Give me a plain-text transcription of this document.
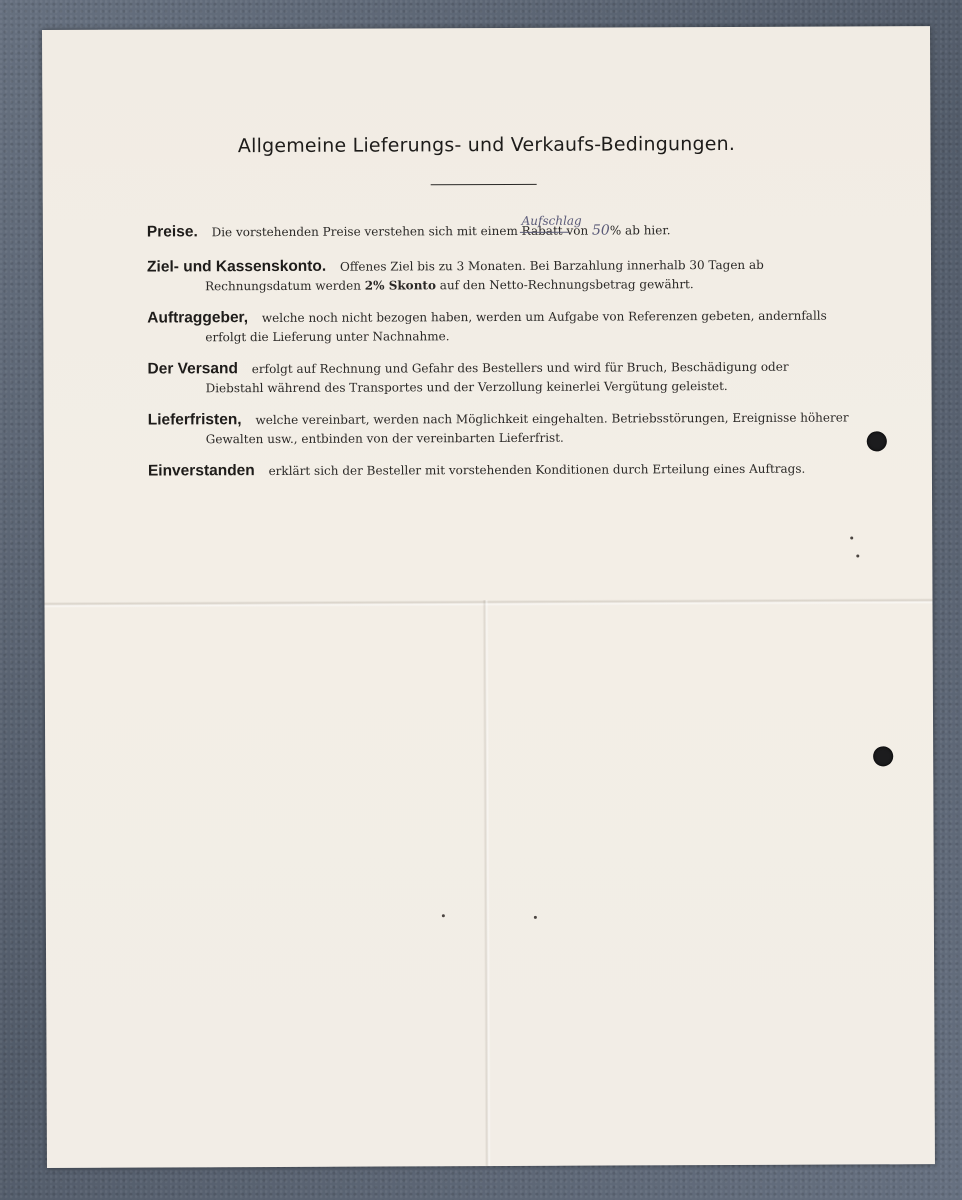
Allgemeine Lieferungs- und Verkaufs-Bedingungen.
Preise. Die vorstehenden Preise verstehen sich mit einem Rabatt
Aufschlag
von 50% ab hier.
Ziel- und Kassenskonto. Offenes Ziel bis zu 3 Monaten. Bei Barzahlung innerhalb 30 Tagen ab
Rechnungsdatum werden 2% Skonto auf den Netto-Rechnungsbetrag gewährt.
Auftraggeber, welche noch nicht bezogen haben, werden um Aufgabe von Referenzen gebeten, andernfalls
erfolgt die Lieferung unter Nachnahme.
Der Versand erfolgt auf Rechnung und Gefahr des Bestellers und wird für Bruch, Beschädigung oder
Diebstahl während des Transportes und der Verzollung keinerlei Vergütung geleistet.
Lieferfristen, welche vereinbart, werden nach Möglichkeit eingehalten. Betriebsstörungen, Ereignisse höherer
Gewalten usw., entbinden von der vereinbarten Lieferfrist.
Einverstanden erklärt sich der Besteller mit vorstehenden Konditionen durch Erteilung eines Auftrags.
